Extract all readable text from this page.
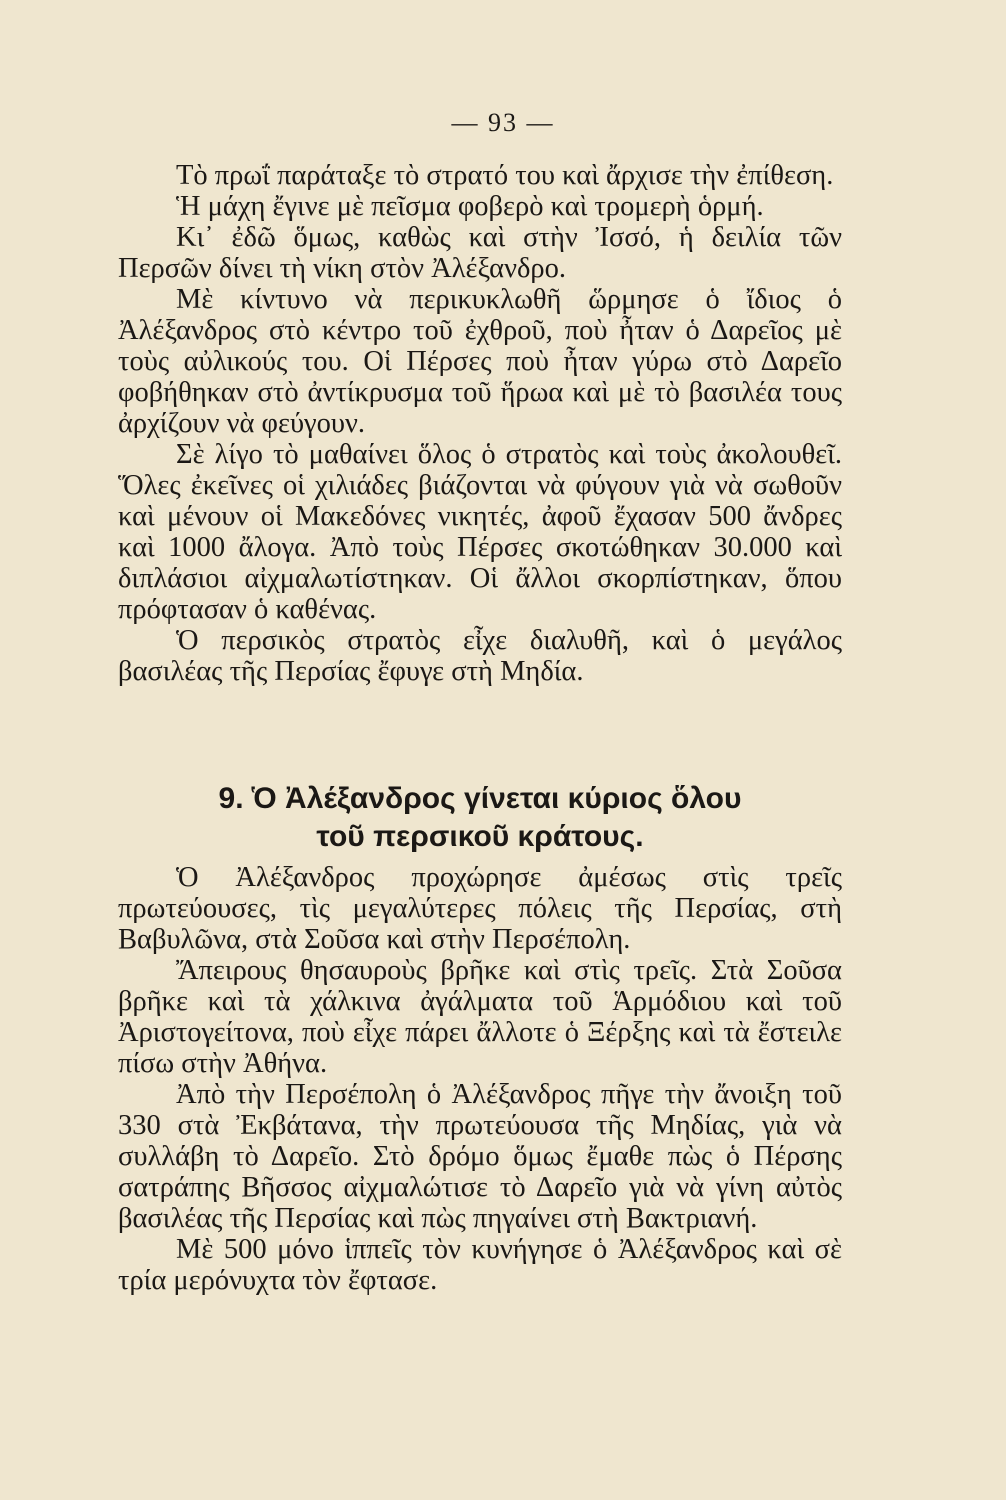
— 93 —

Τὸ πρωΐ παράταξε τὸ στρατό του καὶ ἄρχισε τὴν ἐπίθεση.

Ἡ μάχη ἔγινε μὲ πεῖσμα φοβερὸ καὶ τρομερὴ ὁρμή.

Κι᾽ ἐδῶ ὅμως, καθὼς καὶ στὴν Ἰσσό, ἡ δειλία τῶν Περσῶν δίνει τὴ νίκη στὸν Ἀλέξανδρο.

Μὲ κίντυνο νὰ περικυκλωθῆ ὥρμησε ὁ ἴδιος ὁ Ἀλέξανδρος στὸ κέντρο τοῦ ἐχθροῦ, ποὺ ἦταν ὁ Δαρεῖος μὲ τοὺς αὐλικούς του. Οἱ Πέρσες ποὺ ἦταν γύρω στὸ Δαρεῖο φοβήθηκαν στὸ ἀντίκρυσμα τοῦ ἥρωα καὶ μὲ τὸ βασιλέα τους ἀρχίζουν νὰ φεύγουν.

Σὲ λίγο τὸ μαθαίνει ὅλος ὁ στρατὸς καὶ τοὺς ἀκολουθεῖ. Ὅλες ἐκεῖνες οἱ χιλιάδες βιάζονται νὰ φύγουν γιὰ νὰ σωθοῦν καὶ μένουν οἱ Μακεδόνες νικητές, ἀφοῦ ἔχασαν 500 ἄνδρες καὶ 1000 ἄλογα. Ἀπὸ τοὺς Πέρσες σκοτώθηκαν 30.000 καὶ διπλάσιοι αἰχμαλωτίστηκαν. Οἱ ἄλλοι σκορπίστηκαν, ὅπου πρόφτασαν ὁ καθένας.

Ὁ περσικὸς στρατὸς εἶχε διαλυθῆ, καὶ ὁ μεγάλος βασιλέας τῆς Περσίας ἔφυγε στὴ Μηδία.

9. Ὁ Ἀλέξανδρος γίνεται κύριος ὅλου
τοῦ περσικοῦ κράτους.

Ὁ Ἀλέξανδρος προχώρησε ἀμέσως στὶς τρεῖς πρωτεύουσες, τὶς μεγαλύτερες πόλεις τῆς Περσίας, στὴ Βαβυλῶνα, στὰ Σοῦσα καὶ στὴν Περσέπολη.

Ἄπειρους θησαυροὺς βρῆκε καὶ στὶς τρεῖς. Στὰ Σοῦσα βρῆκε καὶ τὰ χάλκινα ἀγάλματα τοῦ Ἁρμόδιου καὶ τοῦ Ἀριστογείτονα, ποὺ εἶχε πάρει ἄλλοτε ὁ Ξέρξης καὶ τὰ ἔστειλε πίσω στὴν Ἀθήνα.

Ἀπὸ τὴν Περσέπολη ὁ Ἀλέξανδρος πῆγε τὴν ἄνοιξη τοῦ 330 στὰ Ἐκβάτανα, τὴν πρωτεύουσα τῆς Μηδίας, γιὰ νὰ συλλάβη τὸ Δαρεῖο. Στὸ δρόμο ὅμως ἔμαθε πὼς ὁ Πέρσης σατράπης Βῆσσος αἰχμαλώτισε τὸ Δαρεῖο γιὰ νὰ γίνη αὐτὸς βασιλέας τῆς Περσίας καὶ πὼς πηγαίνει στὴ Βακτριανή.

Μὲ 500 μόνο ἱππεῖς τὸν κυνήγησε ὁ Ἀλέξανδρος καὶ σὲ τρία μερόνυχτα τὸν ἔφτασε.
